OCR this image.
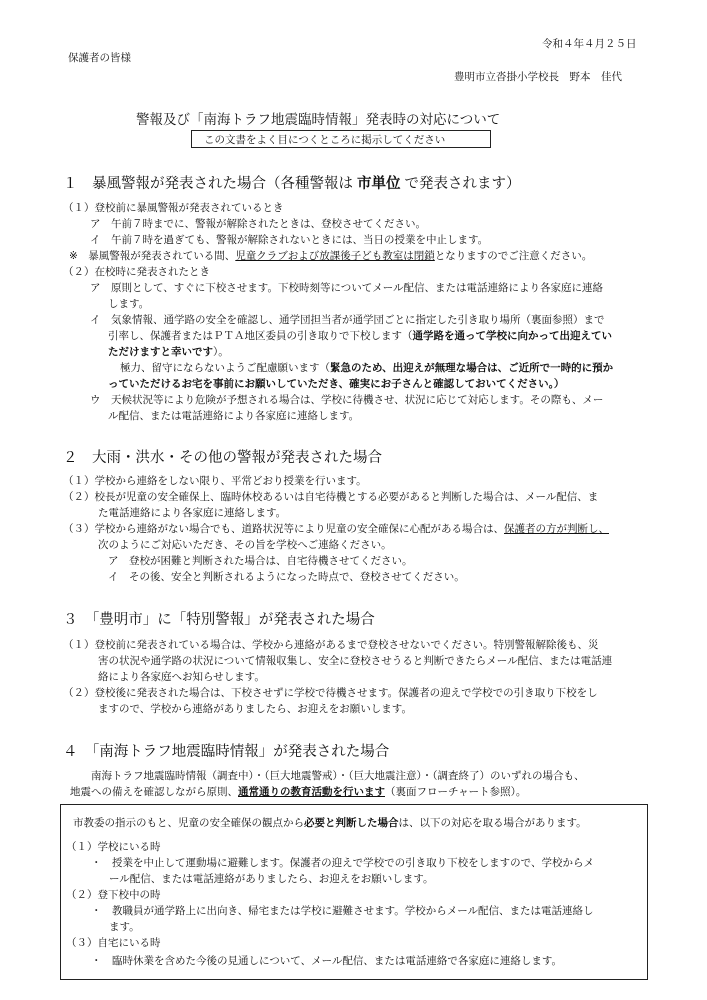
令和４年４月２５日
保護者の皆様
豊明市立沓掛小学校長　野本　佳代
警報及び「南海トラフ地震臨時情報」発表時の対応について
この文書をよく目につくところに掲示してください
１　暴風警報が発表された場合（各種警報は 市単位 で発表されます）
（１）登校前に暴風警報が発表されているとき
ア　午前７時までに、警報が解除されたときは、登校させてください。
イ　午前７時を過ぎても、警報が解除されないときには、当日の授業を中止します。
※　暴風警報が発表されている間、児童クラブおよび放課後子ども教室は閉鎖となりますのでご注意ください。
（２）在校時に発表されたとき
ア　原則として、すぐに下校させます。下校時刻等についてメール配信、または電話連絡により各家庭に連絡
します。
イ　気象情報、通学路の安全を確認し、通学団担当者が通学団ごとに指定した引き取り場所（裏面参照）まで
引率し、保護者またはＰＴＡ地区委員の引き取りで下校します（通学路を通って学校に向かって出迎えてい
ただけますと幸いです）。
極力、留守にならないようご配慮願います（緊急のため、出迎えが無理な場合は、ご近所で一時的に預か
っていただけるお宅を事前にお願いしていただき、確実にお子さんと確認しておいてください。）
ウ　天候状況等により危険が予想される場合は、学校に待機させ、状況に応じて対応します。その際も、メー
ル配信、または電話連絡により各家庭に連絡します。
２　大雨・洪水・その他の警報が発表された場合
（１）学校から連絡をしない限り、平常どおり授業を行います。
（２）校長が児童の安全確保上、臨時休校あるいは自宅待機とする必要があると判断した場合は、メール配信、ま
た電話連絡により各家庭に連絡します。
（３）学校から連絡がない場合でも、道路状況等により児童の安全確保に心配がある場合は、保護者の方が判断し、
次のようにご対応いただき、その旨を学校へご連絡ください。
ア　登校が困難と判断された場合は、自宅待機させてください。
イ　その後、安全と判断されるようになった時点で、登校させてください。
３　「豊明市」に「特別警報」が発表された場合
（１）登校前に発表されている場合は、学校から連絡があるまで登校させないでください。特別警報解除後も、災
害の状況や通学路の状況について情報収集し、安全に登校させうると判断できたらメール配信、または電話連
絡により各家庭へお知らせします。
（２）登校後に発表された場合は、下校させずに学校で待機させます。保護者の迎えで学校での引き取り下校をし
ますので、学校から連絡がありましたら、お迎えをお願いします。
４　「南海トラフ地震臨時情報」が発表された場合
南海トラフ地震臨時情報（調査中）・（巨大地震警戒）・（巨大地震注意）・（調査終了）のいずれの場合も、
地震への備えを確認しながら原則、通常通りの教育活動を行います（裏面フローチャート参照）。
市教委の指示のもと、児童の安全確保の観点から必要と判断した場合は、以下の対応を取る場合があります。
（１）学校にいる時
・　授業を中止して運動場に避難します。保護者の迎えで学校での引き取り下校をしますので、学校からメ
ール配信、または電話連絡がありましたら、お迎えをお願いします。
（２）登下校中の時
・　教職員が通学路上に出向き、帰宅または学校に避難させます。学校からメール配信、または電話連絡し
ます。
（３）自宅にいる時
・　臨時休業を含めた今後の見通しについて、メール配信、または電話連絡で各家庭に連絡します。
